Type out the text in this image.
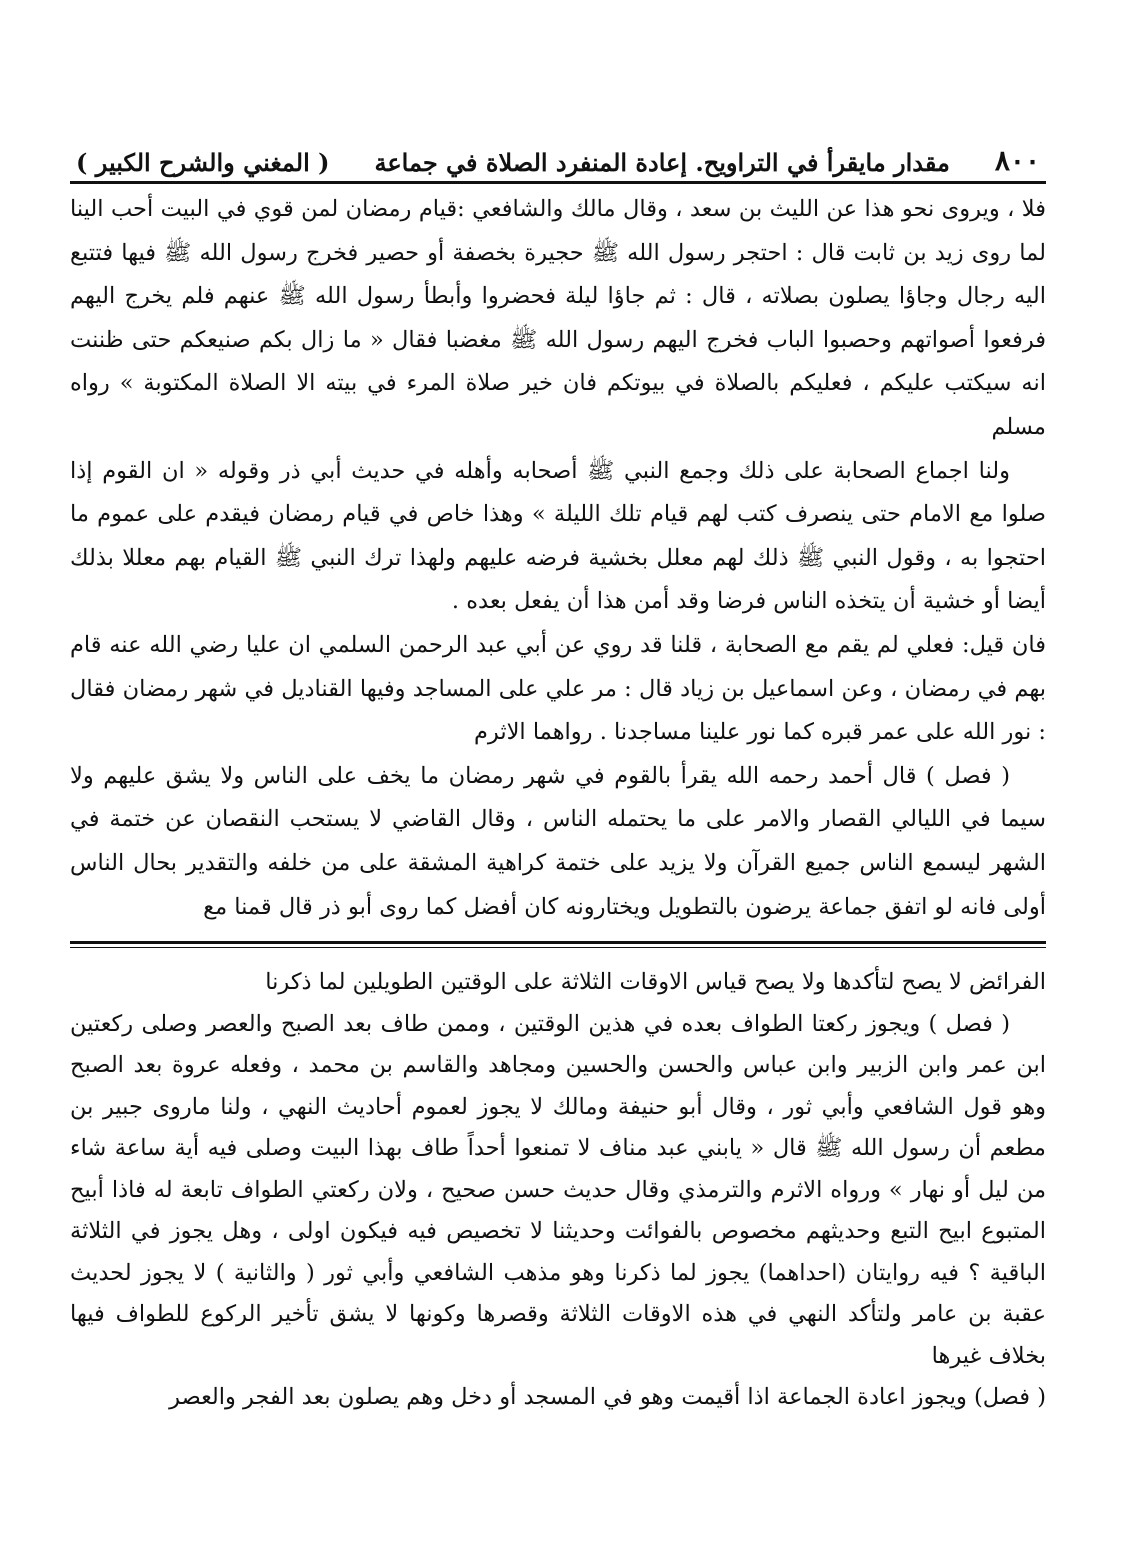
٨٠٠
مقدار مايقرأ في التراويح. إعادة المنفرد الصلاة في جماعة
( المغني والشرح الكبير )

فلا ، ويروى نحو هذا عن الليث بن سعد ، وقال مالك والشافعي :قيام رمضان لمن قوي في البيت أحب الينا لما روى زيد بن ثابت قال : احتجر رسول الله ﷺ حجيرة بخصفة أو حصير فخرج رسول الله ﷺ فيها فتتبع اليه رجال وجاؤا يصلون بصلاته ، قال : ثم جاؤا ليلة فحضروا وأبطأ رسول الله ﷺ عنهم فلم يخرج اليهم فرفعوا أصواتهم وحصبوا الباب فخرج اليهم رسول الله ﷺ مغضبا فقال « ما زال بكم صنيعكم حتى ظننت انه سيكتب عليكم ، فعليكم بالصلاة في بيوتكم فان خير صلاة المرء في بيته الا الصلاة المكتوبة » رواه مسلم

ولنا اجماع الصحابة على ذلك وجمع النبي ﷺ أصحابه وأهله في حديث أبي ذر وقوله « ان القوم إذا صلوا مع الامام حتى ينصرف كتب لهم قيام تلك الليلة » وهذا خاص في قيام رمضان فيقدم على عموم ما احتجوا به ، وقول النبي ﷺ ذلك لهم معلل بخشية فرضه عليهم ولهذا ترك النبي ﷺ القيام بهم معللا بذلك أيضا أو خشية أن يتخذه الناس فرضا وقد أمن هذا أن يفعل بعده .

فان قيل: فعلي لم يقم مع الصحابة ، قلنا قد روي عن أبي عبد الرحمن السلمي ان عليا رضي الله عنه قام بهم في رمضان ، وعن اسماعيل بن زياد قال : مر علي على المساجد وفيها القناديل في شهر رمضان فقال : نور الله على عمر قبره كما نور علينا مساجدنا . رواهما الاثرم

( فصل ) قال أحمد رحمه الله يقرأ بالقوم في شهر رمضان ما يخف على الناس ولا يشق عليهم ولا سيما في الليالي القصار والامر على ما يحتمله الناس ، وقال القاضي لا يستحب النقصان عن ختمة في الشهر ليسمع الناس جميع القرآن ولا يزيد على ختمة كراهية المشقة على من خلفه والتقدير بحال الناس أولى فانه لو اتفق جماعة يرضون بالتطويل ويختارونه كان أفضل كما روى أبو ذر قال قمنا مع

الفرائض لا يصح لتأكدها ولا يصح قياس الاوقات الثلاثة على الوقتين الطويلين لما ذكرنا

( فصل ) ويجوز ركعتا الطواف بعده في هذين الوقتين ، وممن طاف بعد الصبح والعصر وصلى ركعتين ابن عمر وابن الزبير وابن عباس والحسن والحسين ومجاهد والقاسم بن محمد ، وفعله عروة بعد الصبح وهو قول الشافعي وأبي ثور ، وقال أبو حنيفة ومالك لا يجوز لعموم أحاديث النهي ، ولنا ماروى جبير بن مطعم أن رسول الله ﷺ قال « يابني عبد مناف لا تمنعوا أحداً طاف بهذا البيت وصلى فيه أية ساعة شاء من ليل أو نهار » ورواه الاثرم والترمذي وقال حديث حسن صحيح ، ولان ركعتي الطواف تابعة له فاذا أبيح المتبوع ابيح التبع وحديثهم مخصوص بالفوائت وحديثنا لا تخصيص فيه فيكون اولى ، وهل يجوز في الثلاثة الباقية ؟ فيه روايتان (احداهما) يجوز لما ذكرنا وهو مذهب الشافعي وأبي ثور ( والثانية ) لا يجوز لحديث عقبة بن عامر ولتأكد النهي في هذه الاوقات الثلاثة وقصرها وكونها لا يشق تأخير الركوع للطواف فيها بخلاف غيرها

( فصل) ويجوز اعادة الجماعة اذا أقيمت وهو في المسجد أو دخل وهم يصلون بعد الفجر والعصر
